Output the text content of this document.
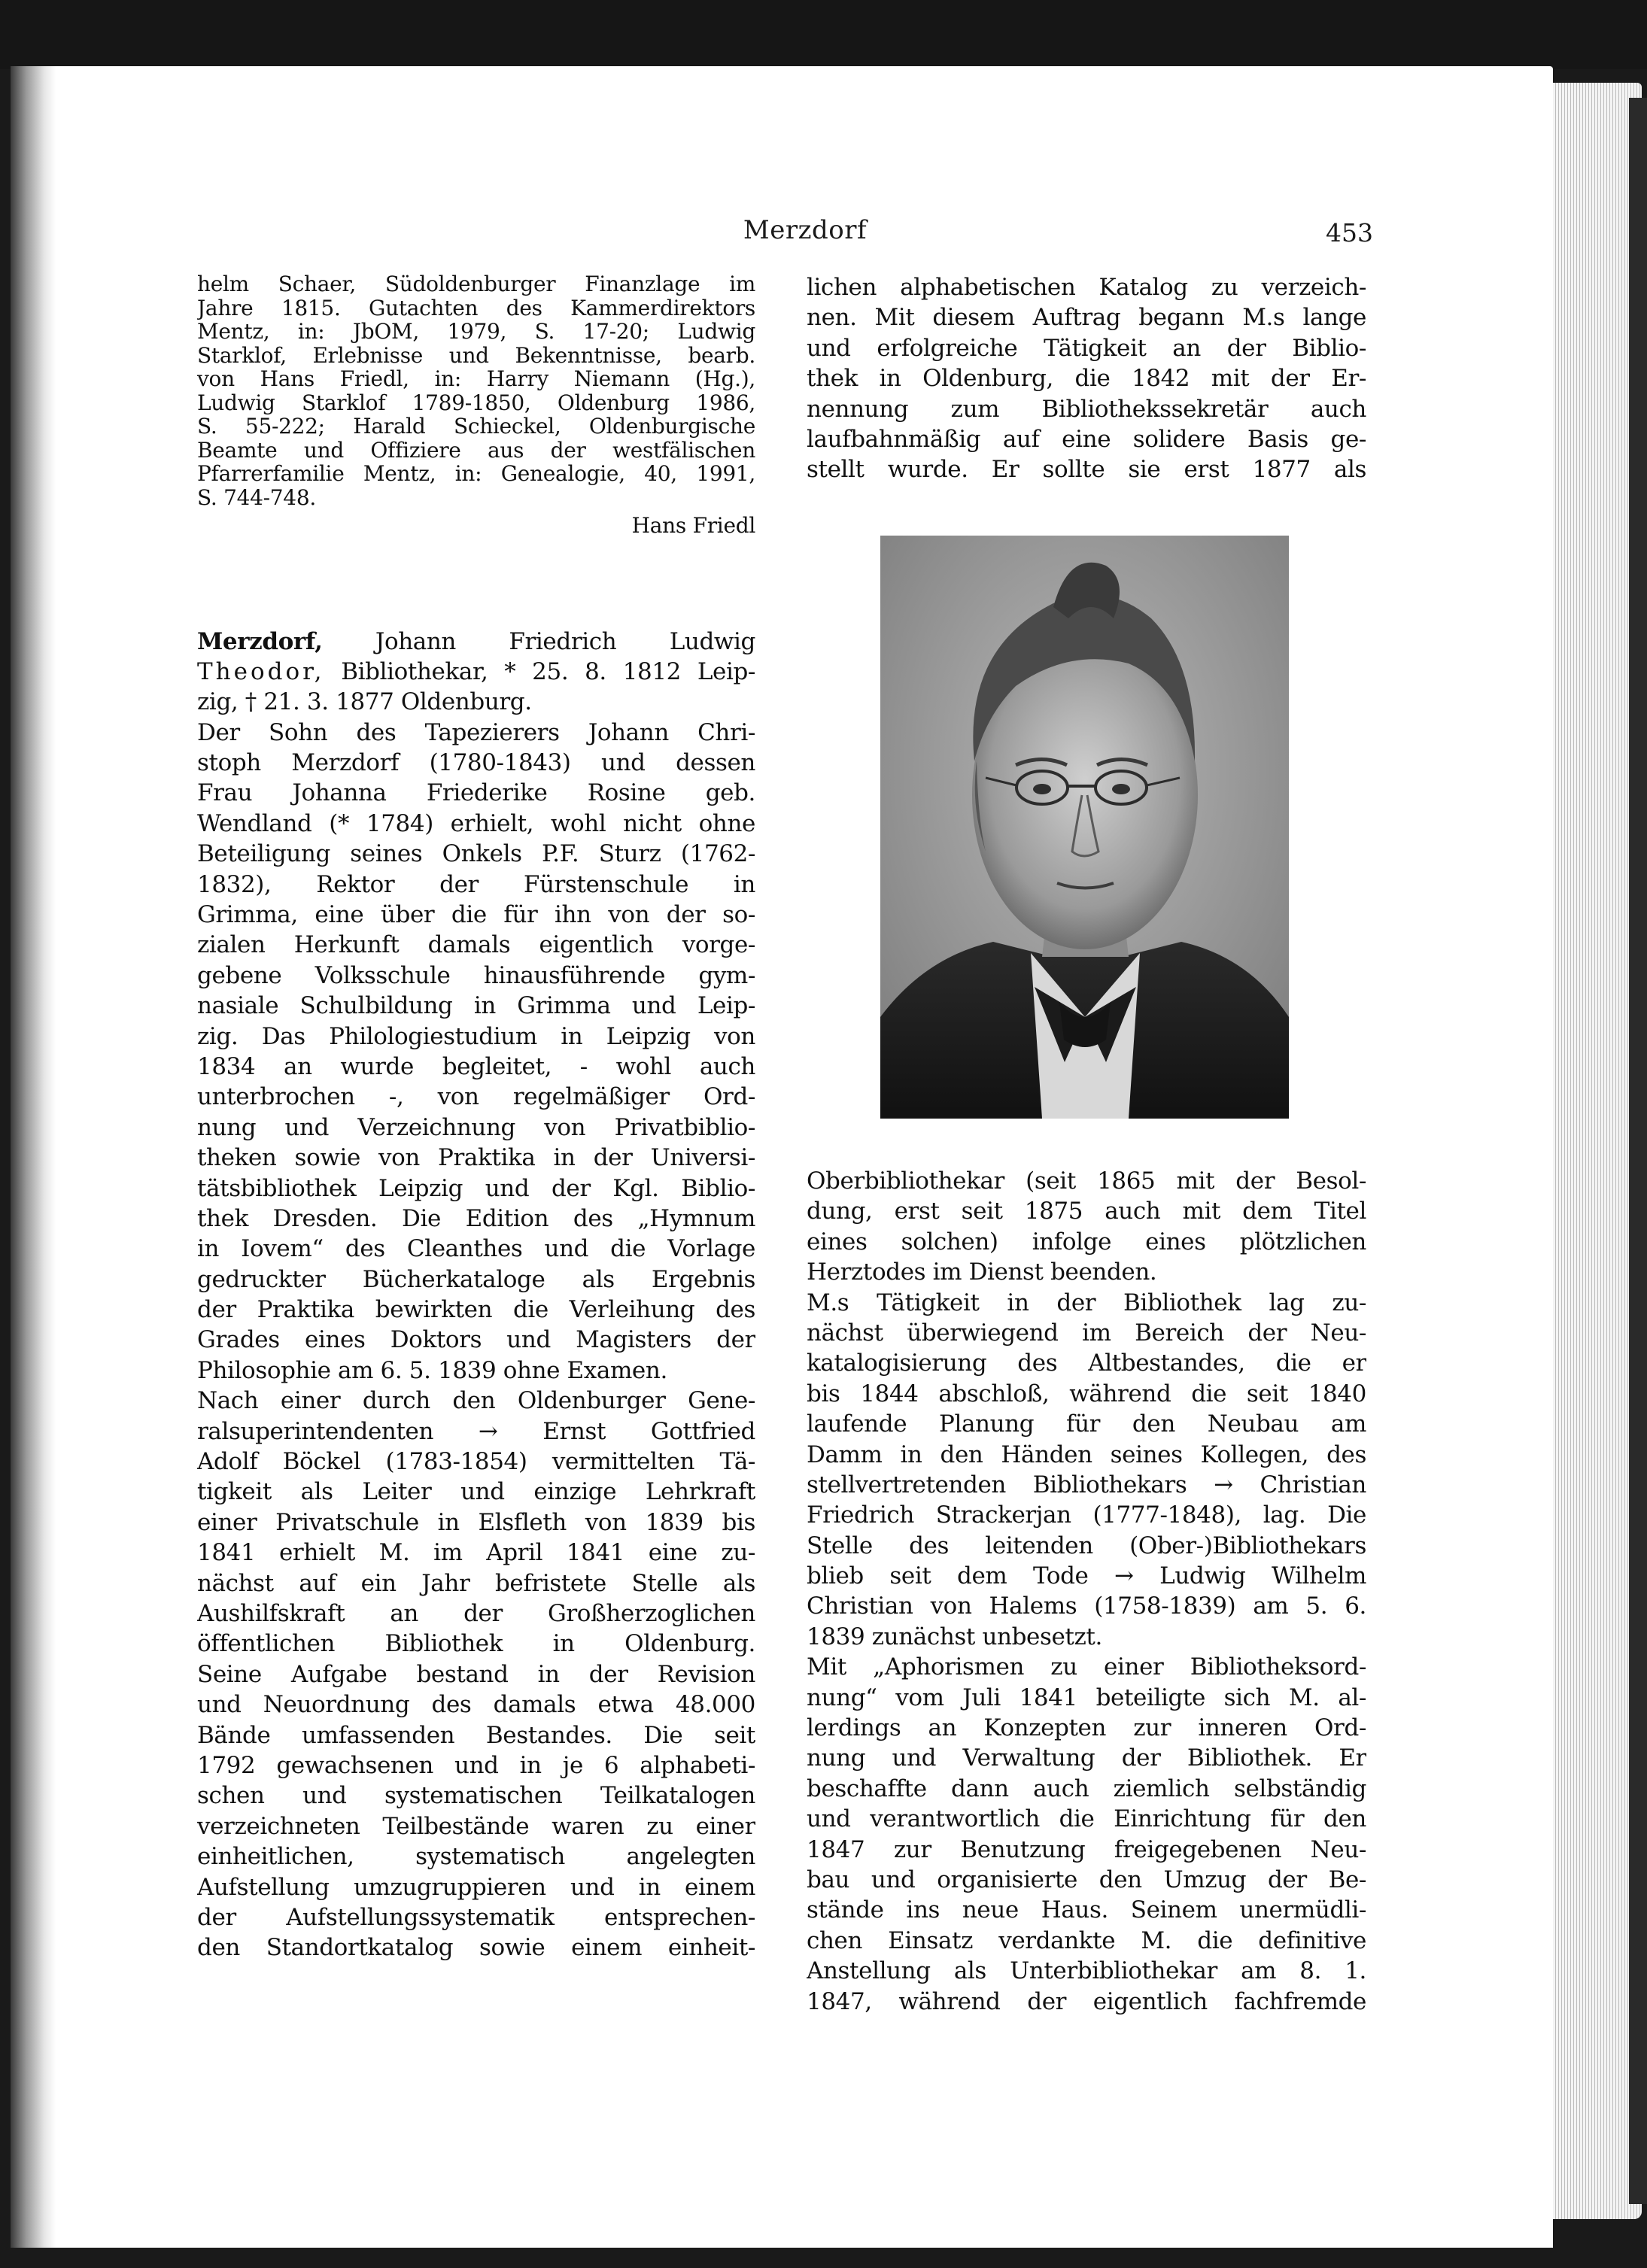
Merzdorf	453
helm Schaer, Südoldenburger Finanzlage im
Jahre 1815. Gutachten des Kammerdirektors
Mentz, in: JbOM, 1979, S. 17-20; Ludwig
Starklof, Erlebnisse und Bekenntnisse, bearb.
von Hans Friedl, in: Harry Niemann (Hg.),
Ludwig Starklof 1789-1850, Oldenburg 1986,
S. 55-222; Harald Schieckel, Oldenburgische
Beamte und Offiziere aus der westfälischen
Pfarrerfamilie Mentz, in: Genealogie, 40, 1991,
S. 744-748.
Hans Friedl
Merzdorf, Johann Friedrich Ludwig
Theodor, Bibliothekar, * 25. 8. 1812 Leip-
zig, † 21. 3. 1877 Oldenburg.
Der Sohn des Tapezierers Johann Chri-
stoph Merzdorf (1780-1843) und dessen
Frau Johanna Friederike Rosine geb.
Wendland (* 1784) erhielt, wohl nicht ohne
Beteiligung seines Onkels P.F. Sturz (1762-
1832), Rektor der Fürstenschule in
Grimma, eine über die für ihn von der so-
zialen Herkunft damals eigentlich vorge-
gebene Volksschule hinausführende gym-
nasiale Schulbildung in Grimma und Leip-
zig. Das Philologiestudium in Leipzig von
1834 an wurde begleitet, - wohl auch
unterbrochen -, von regelmäßiger Ord-
nung und Verzeichnung von Privatbiblio-
theken sowie von Praktika in der Universi-
tätsbibliothek Leipzig und der Kgl. Biblio-
thek Dresden. Die Edition des „Hymnum
in Iovem“ des Cleanthes und die Vorlage
gedruckter Bücherkataloge als Ergebnis
der Praktika bewirkten die Verleihung des
Grades eines Doktors und Magisters der
Philosophie am 6. 5. 1839 ohne Examen.
Nach einer durch den Oldenburger Gene-
ralsuperintendenten → Ernst Gottfried
Adolf Böckel (1783-1854) vermittelten Tä-
tigkeit als Leiter und einzige Lehrkraft
einer Privatschule in Elsfleth von 1839 bis
1841 erhielt M. im April 1841 eine zu-
nächst auf ein Jahr befristete Stelle als
Aushilfskraft an der Großherzoglichen
öffentlichen Bibliothek in Oldenburg.
Seine Aufgabe bestand in der Revision
und Neuordnung des damals etwa 48.000
Bände umfassenden Bestandes. Die seit
1792 gewachsenen und in je 6 alphabeti-
schen und systematischen Teilkatalogen
verzeichneten Teilbestände waren zu einer
einheitlichen, systematisch angelegten
Aufstellung umzugruppieren und in einem
der Aufstellungssystematik entsprechen-
den Standortkatalog sowie einem einheit-
lichen alphabetischen Katalog zu verzeich-
nen. Mit diesem Auftrag begann M.s lange
und erfolgreiche Tätigkeit an der Biblio-
thek in Oldenburg, die 1842 mit der Er-
nennung zum Bibliothekssekretär auch
laufbahnmäßig auf eine solidere Basis ge-
stellt wurde. Er sollte sie erst 1877 als
Oberbibliothekar (seit 1865 mit der Besol-
dung, erst seit 1875 auch mit dem Titel
eines solchen) infolge eines plötzlichen
Herztodes im Dienst beenden.
M.s Tätigkeit in der Bibliothek lag zu-
nächst überwiegend im Bereich der Neu-
katalogisierung des Altbestandes, die er
bis 1844 abschloß, während die seit 1840
laufende Planung für den Neubau am
Damm in den Händen seines Kollegen, des
stellvertretenden Bibliothekars → Christian
Friedrich Strackerjan (1777-1848), lag. Die
Stelle des leitenden (Ober-)Bibliothekars
blieb seit dem Tode → Ludwig Wilhelm
Christian von Halems (1758-1839) am 5. 6.
1839 zunächst unbesetzt.
Mit „Aphorismen zu einer Bibliotheksord-
nung“ vom Juli 1841 beteiligte sich M. al-
lerdings an Konzepten zur inneren Ord-
nung und Verwaltung der Bibliothek. Er
beschaffte dann auch ziemlich selbständig
und verantwortlich die Einrichtung für den
1847 zur Benutzung freigegebenen Neu-
bau und organisierte den Umzug der Be-
stände ins neue Haus. Seinem unermüdli-
chen Einsatz verdankte M. die definitive
Anstellung als Unterbibliothekar am 8. 1.
1847, während der eigentlich fachfremde
